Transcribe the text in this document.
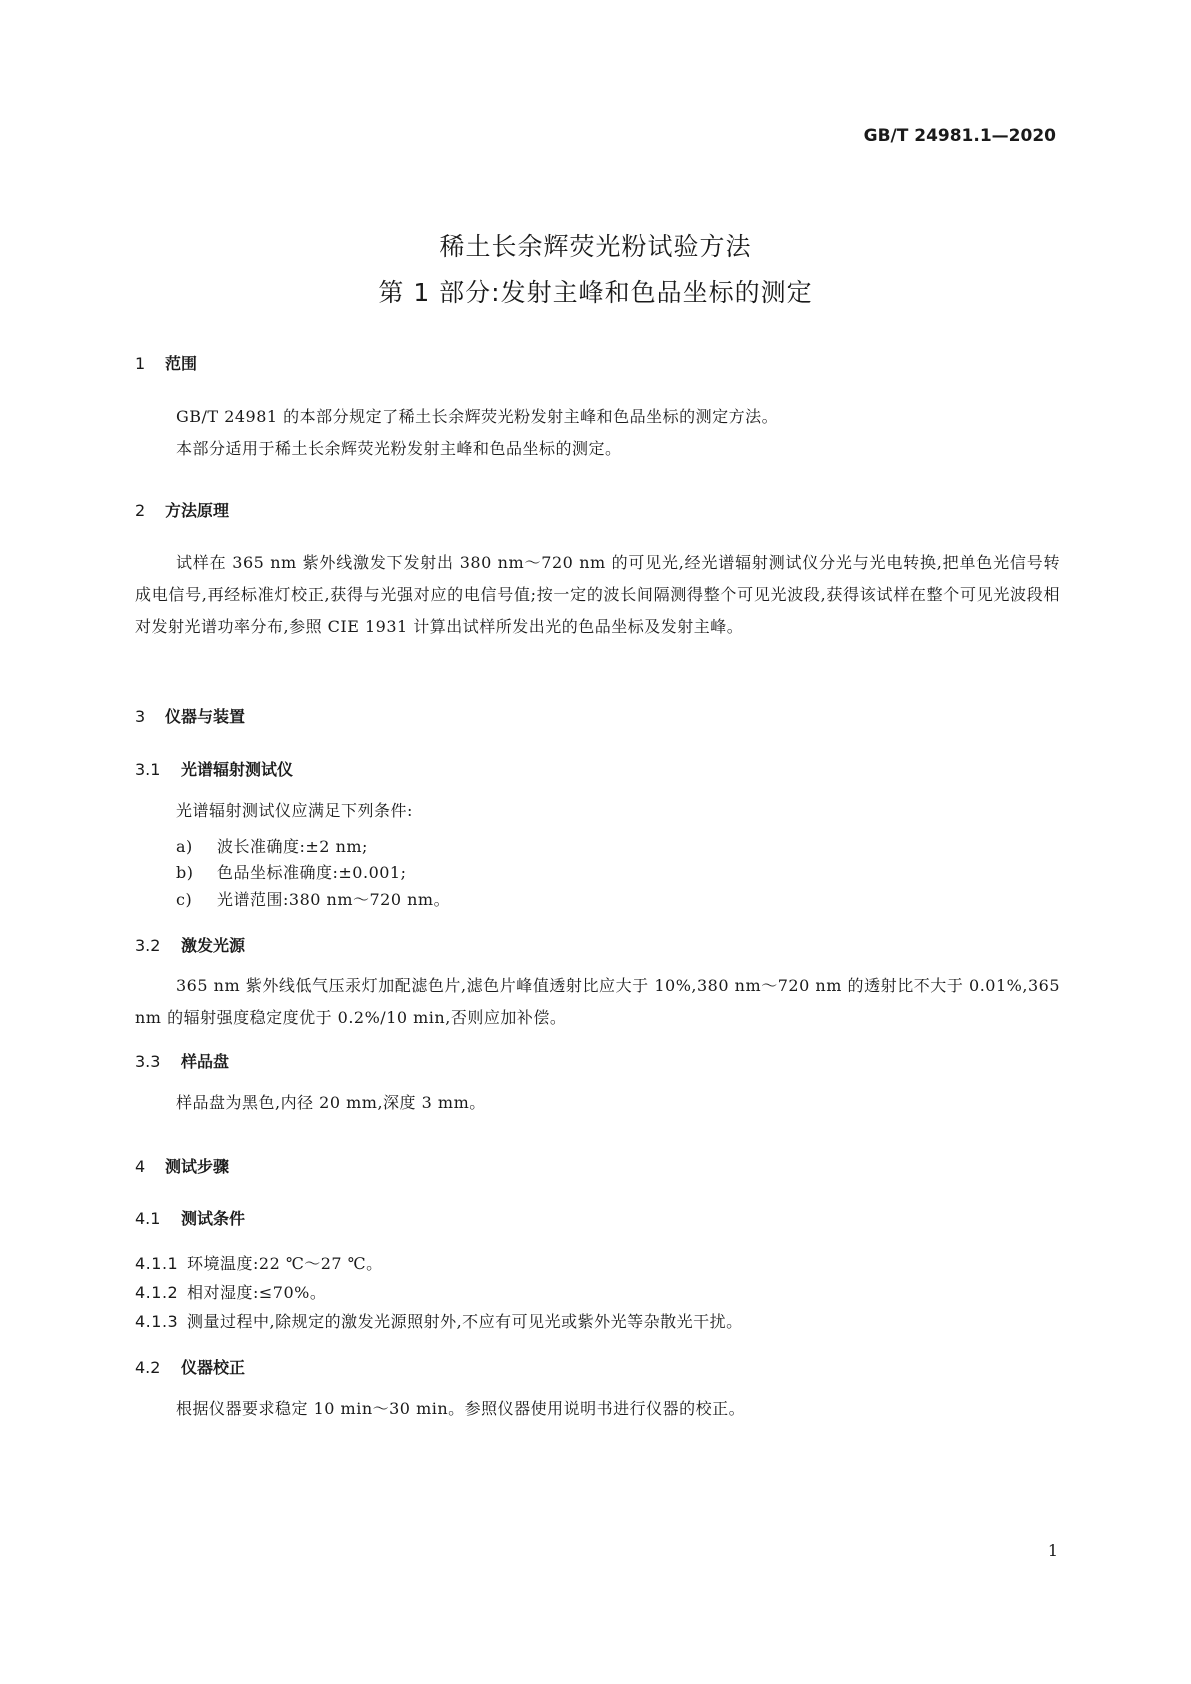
GB/T 24981.1—2020
稀土长余辉荧光粉试验方法
第 1 部分:发射主峰和色品坐标的测定
1 范围
GB/T 24981 的本部分规定了稀土长余辉荧光粉发射主峰和色品坐标的测定方法。
本部分适用于稀土长余辉荧光粉发射主峰和色品坐标的测定。
2 方法原理
试样在 365 nm 紫外线激发下发射出 380 nm～720 nm 的可见光,经光谱辐射测试仪分光与光电转换,把单色光信号转成电信号,再经标准灯校正,获得与光强对应的电信号值;按一定的波长间隔测得整个可见光波段,获得该试样在整个可见光波段相对发射光谱功率分布,参照 CIE 1931 计算出试样所发出光的色品坐标及发射主峰。
3 仪器与装置
3.1 光谱辐射测试仪
光谱辐射测试仪应满足下列条件:
a) 波长准确度:±2 nm;
b) 色品坐标准确度:±0.001;
c) 光谱范围:380 nm～720 nm。
3.2 激发光源
365 nm 紫外线低气压汞灯加配滤色片,滤色片峰值透射比应大于 10%,380 nm～720 nm 的透射比不大于 0.01%,365 nm 的辐射强度稳定度优于 0.2%/10 min,否则应加补偿。
3.3 样品盘
样品盘为黑色,内径 20 mm,深度 3 mm。
4 测试步骤
4.1 测试条件
4.1.1 环境温度:22 ℃～27 ℃。
4.1.2 相对湿度:≤70%。
4.1.3 测量过程中,除规定的激发光源照射外,不应有可见光或紫外光等杂散光干扰。
4.2 仪器校正
根据仪器要求稳定 10 min～30 min。参照仪器使用说明书进行仪器的校正。
1
